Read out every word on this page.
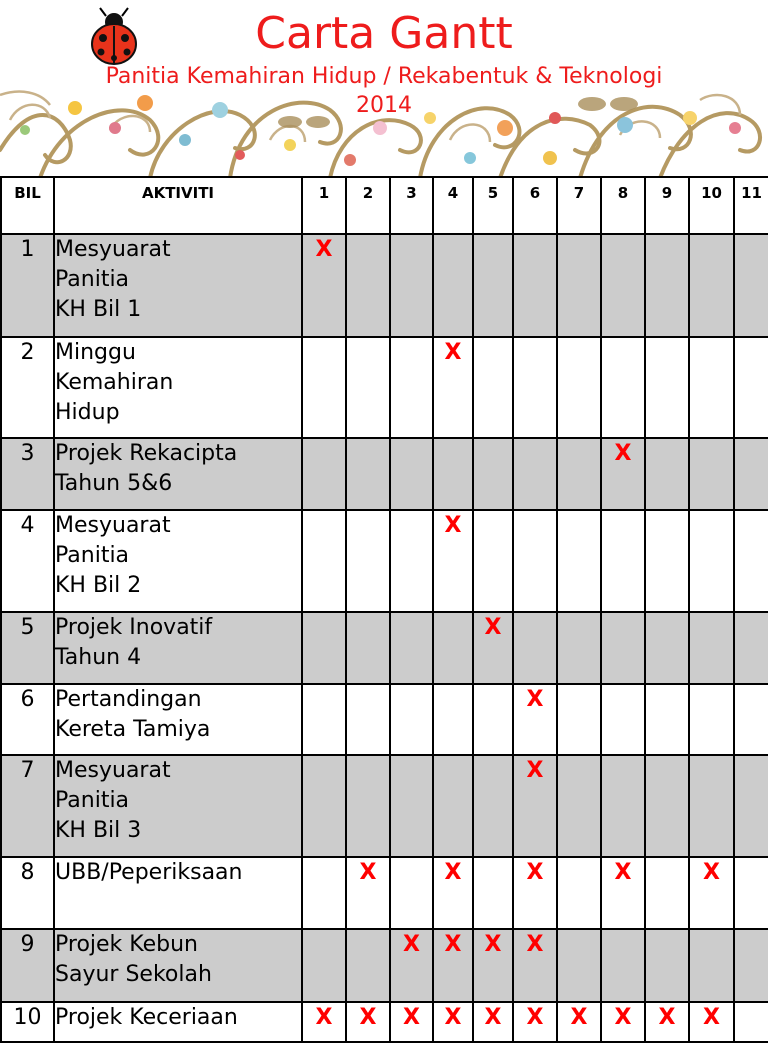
Carta Gantt
Panitia Kemahiran Hidup / Rekabentuk & Teknologi
2014
BIL	AKTIVITI	1	2	3	4	5	6	7	8	9	10	11
1	Mesyuarat
Panitia
KH Bil 1	X										
2	Minggu
Kemahiran
Hidup				X							
3	Projek Rekacipta
Tahun 5&6								X			
4	Mesyuarat
Panitia
KH Bil 2				X							
5	Projek Inovatif
Tahun 4					X						
6	Pertandingan
Kereta Tamiya						X					
7	Mesyuarat
Panitia
KH Bil 3						X					
8	UBB/Peperiksaan		X		X		X		X		X	
9	Projek Kebun
Sayur Sekolah			X	X	X	X					
10	Projek Keceriaan	X	X	X	X	X	X	X	X	X	X	
